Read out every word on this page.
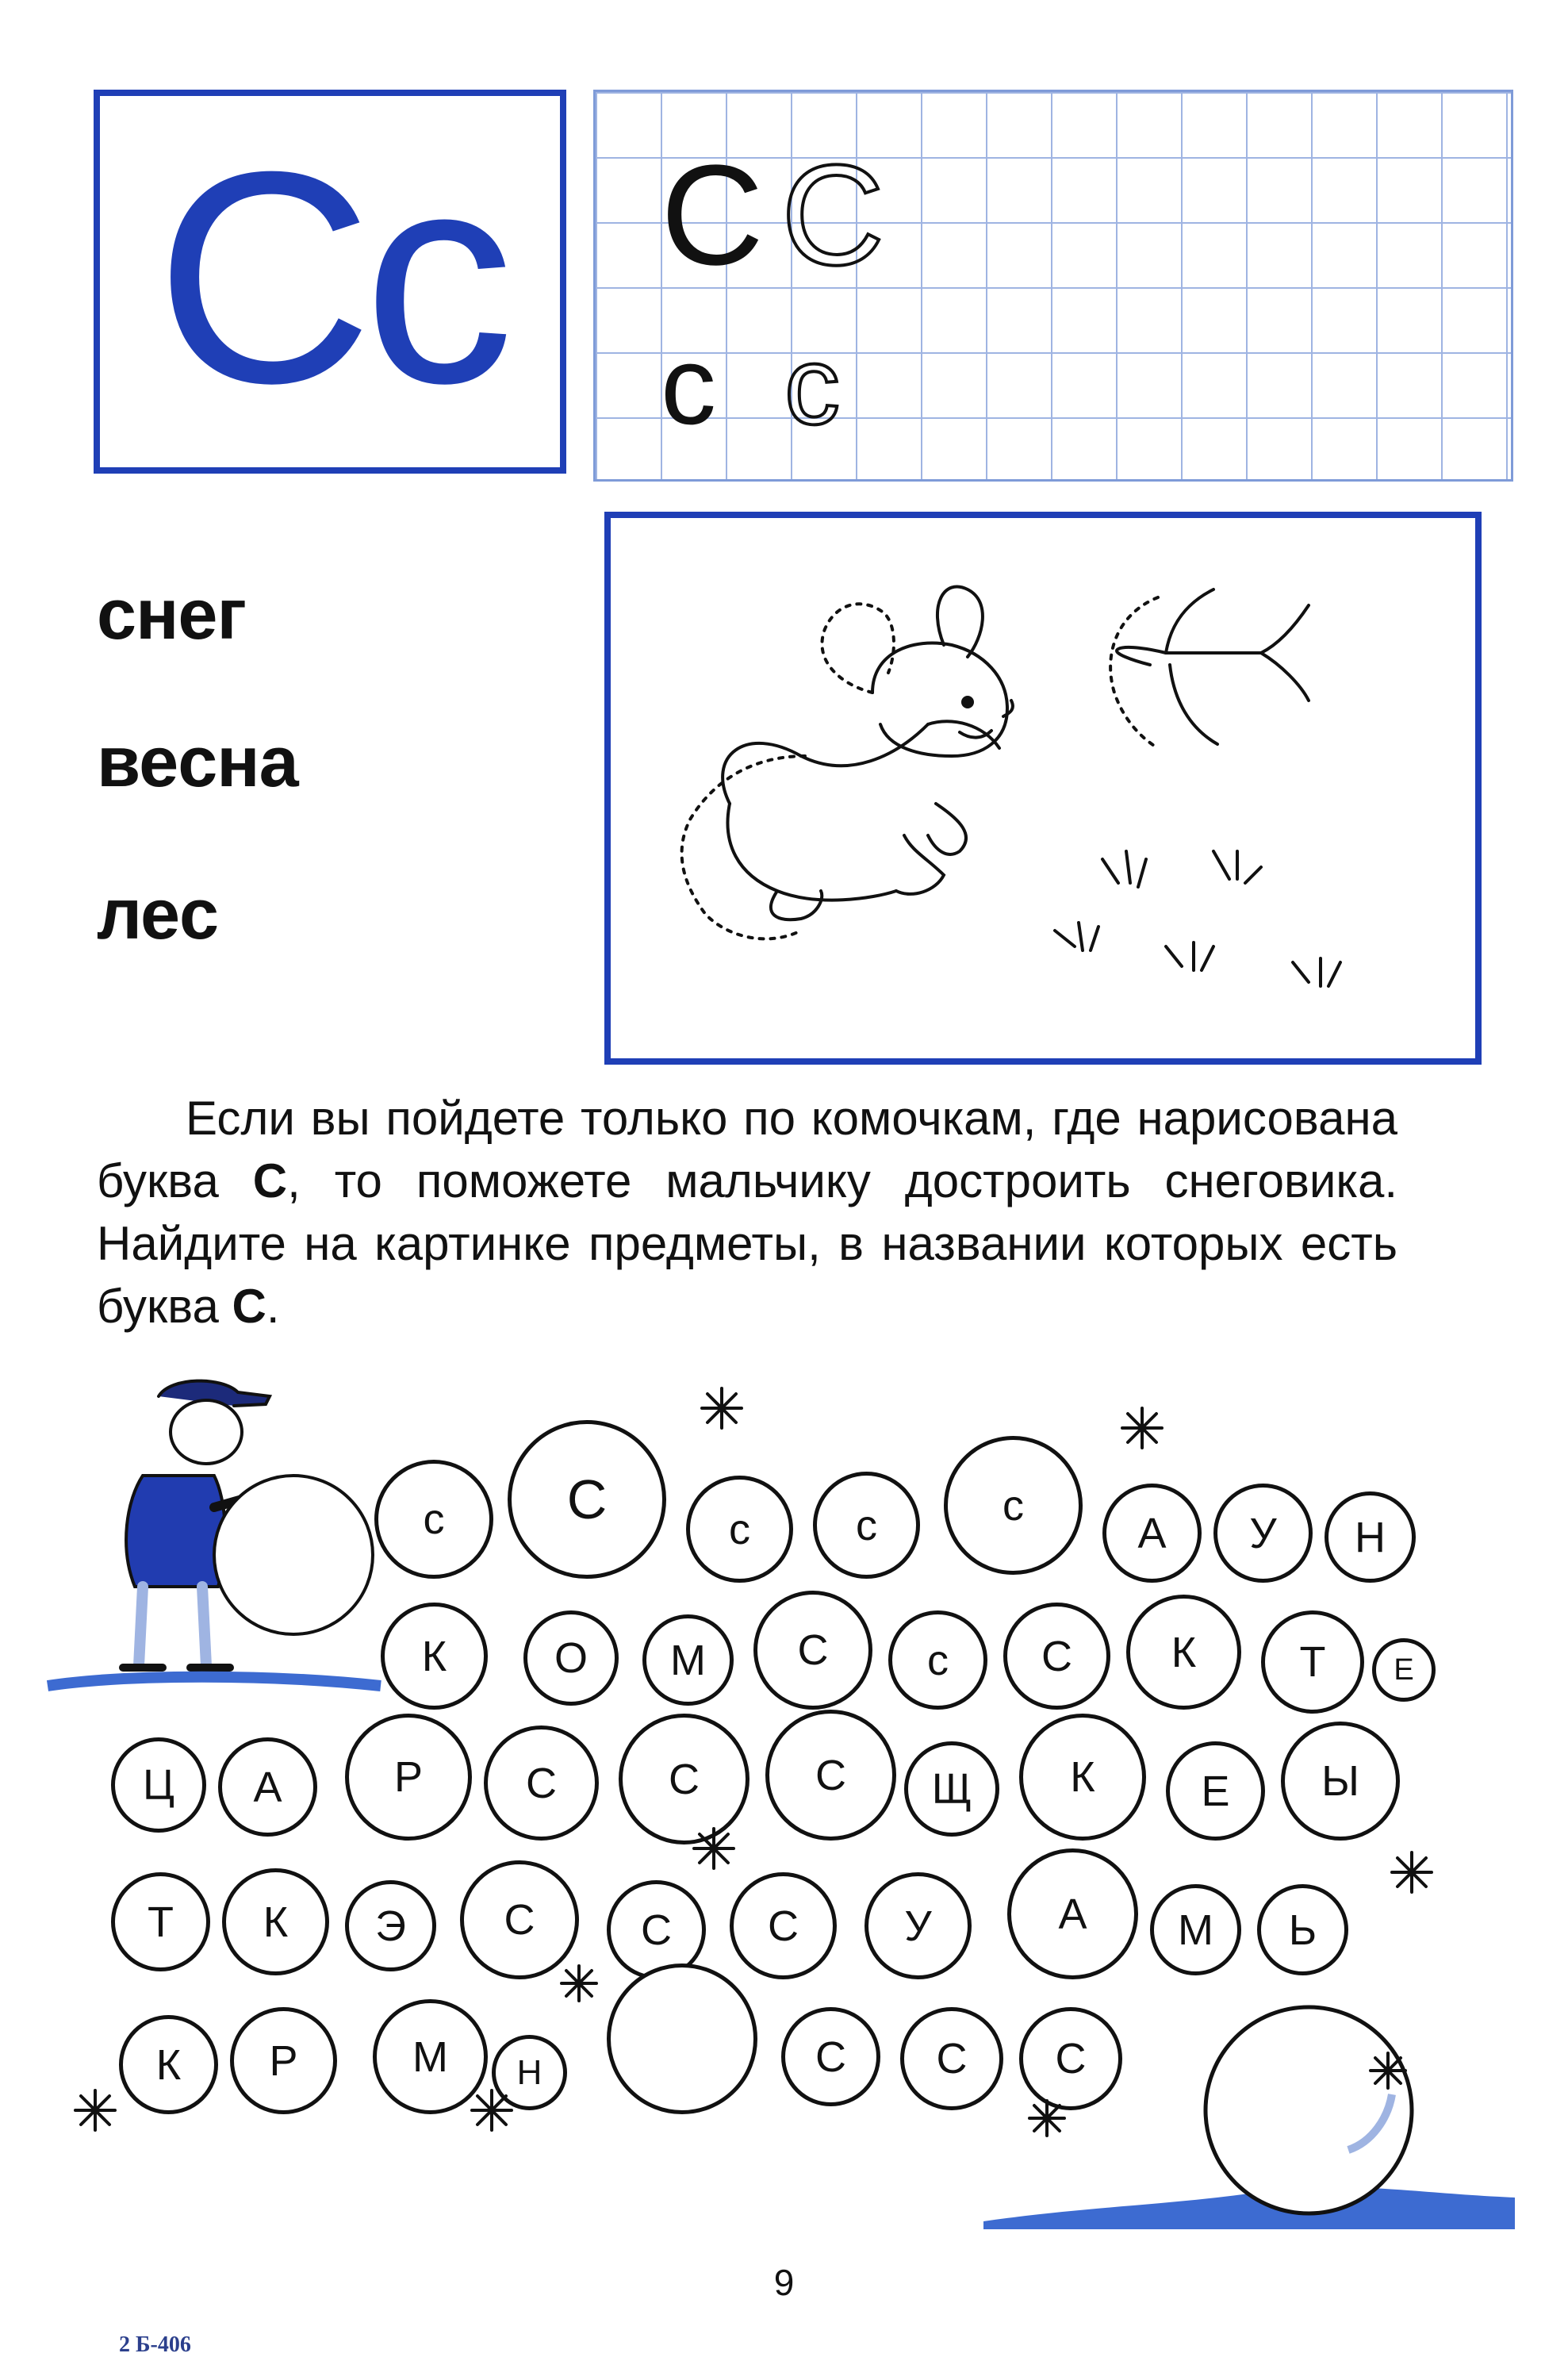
Сс С С
с с
снег
весна
лес
Если вы пойдете только по комочкам, где нарисована буква С, то поможете мальчику достроить снеговика. Найдите на картинке предметы, в названии которых есть буква С.
с С	с с	с
А У Н
К	О М С с С К Т Е
Ц А	Р С	С	С Щ К Е Ы
Т К Э С С С У	А М Ь
К Р	М Н	С С С
9
2 Б-406
